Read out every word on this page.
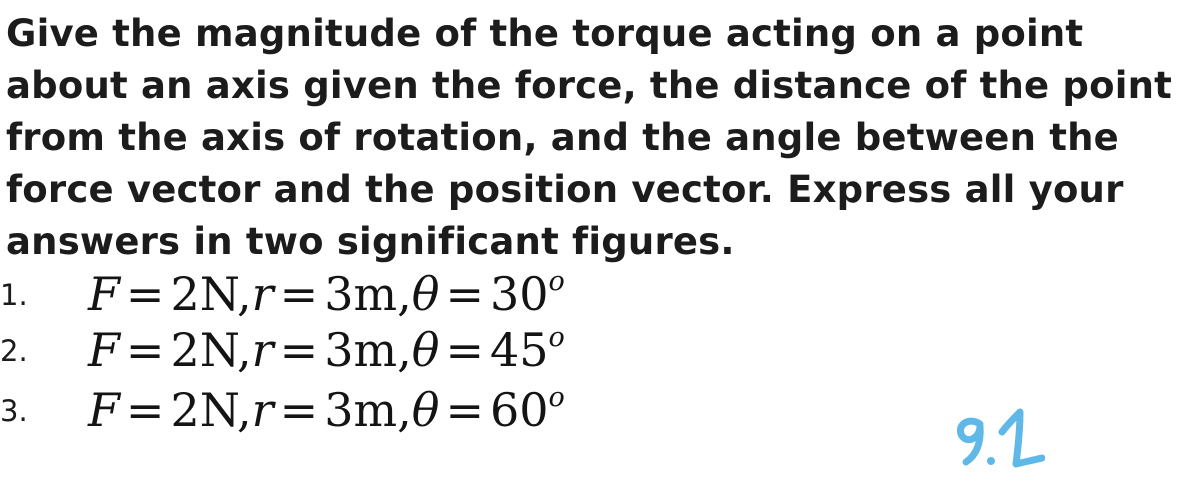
Give the magnitude of the torque acting on a point
about an axis given the force, the distance of the point
from the axis of rotation, and the angle between the
force vector and the position vector. Express all your
answers in two significant figures.
1. $F = 2N,r = 3m,\theta = 30^o$
2. $F = 2N,r = 3m,\theta = 45^o$
3. $F = 2N,r = 3m,\theta = 60^o$
